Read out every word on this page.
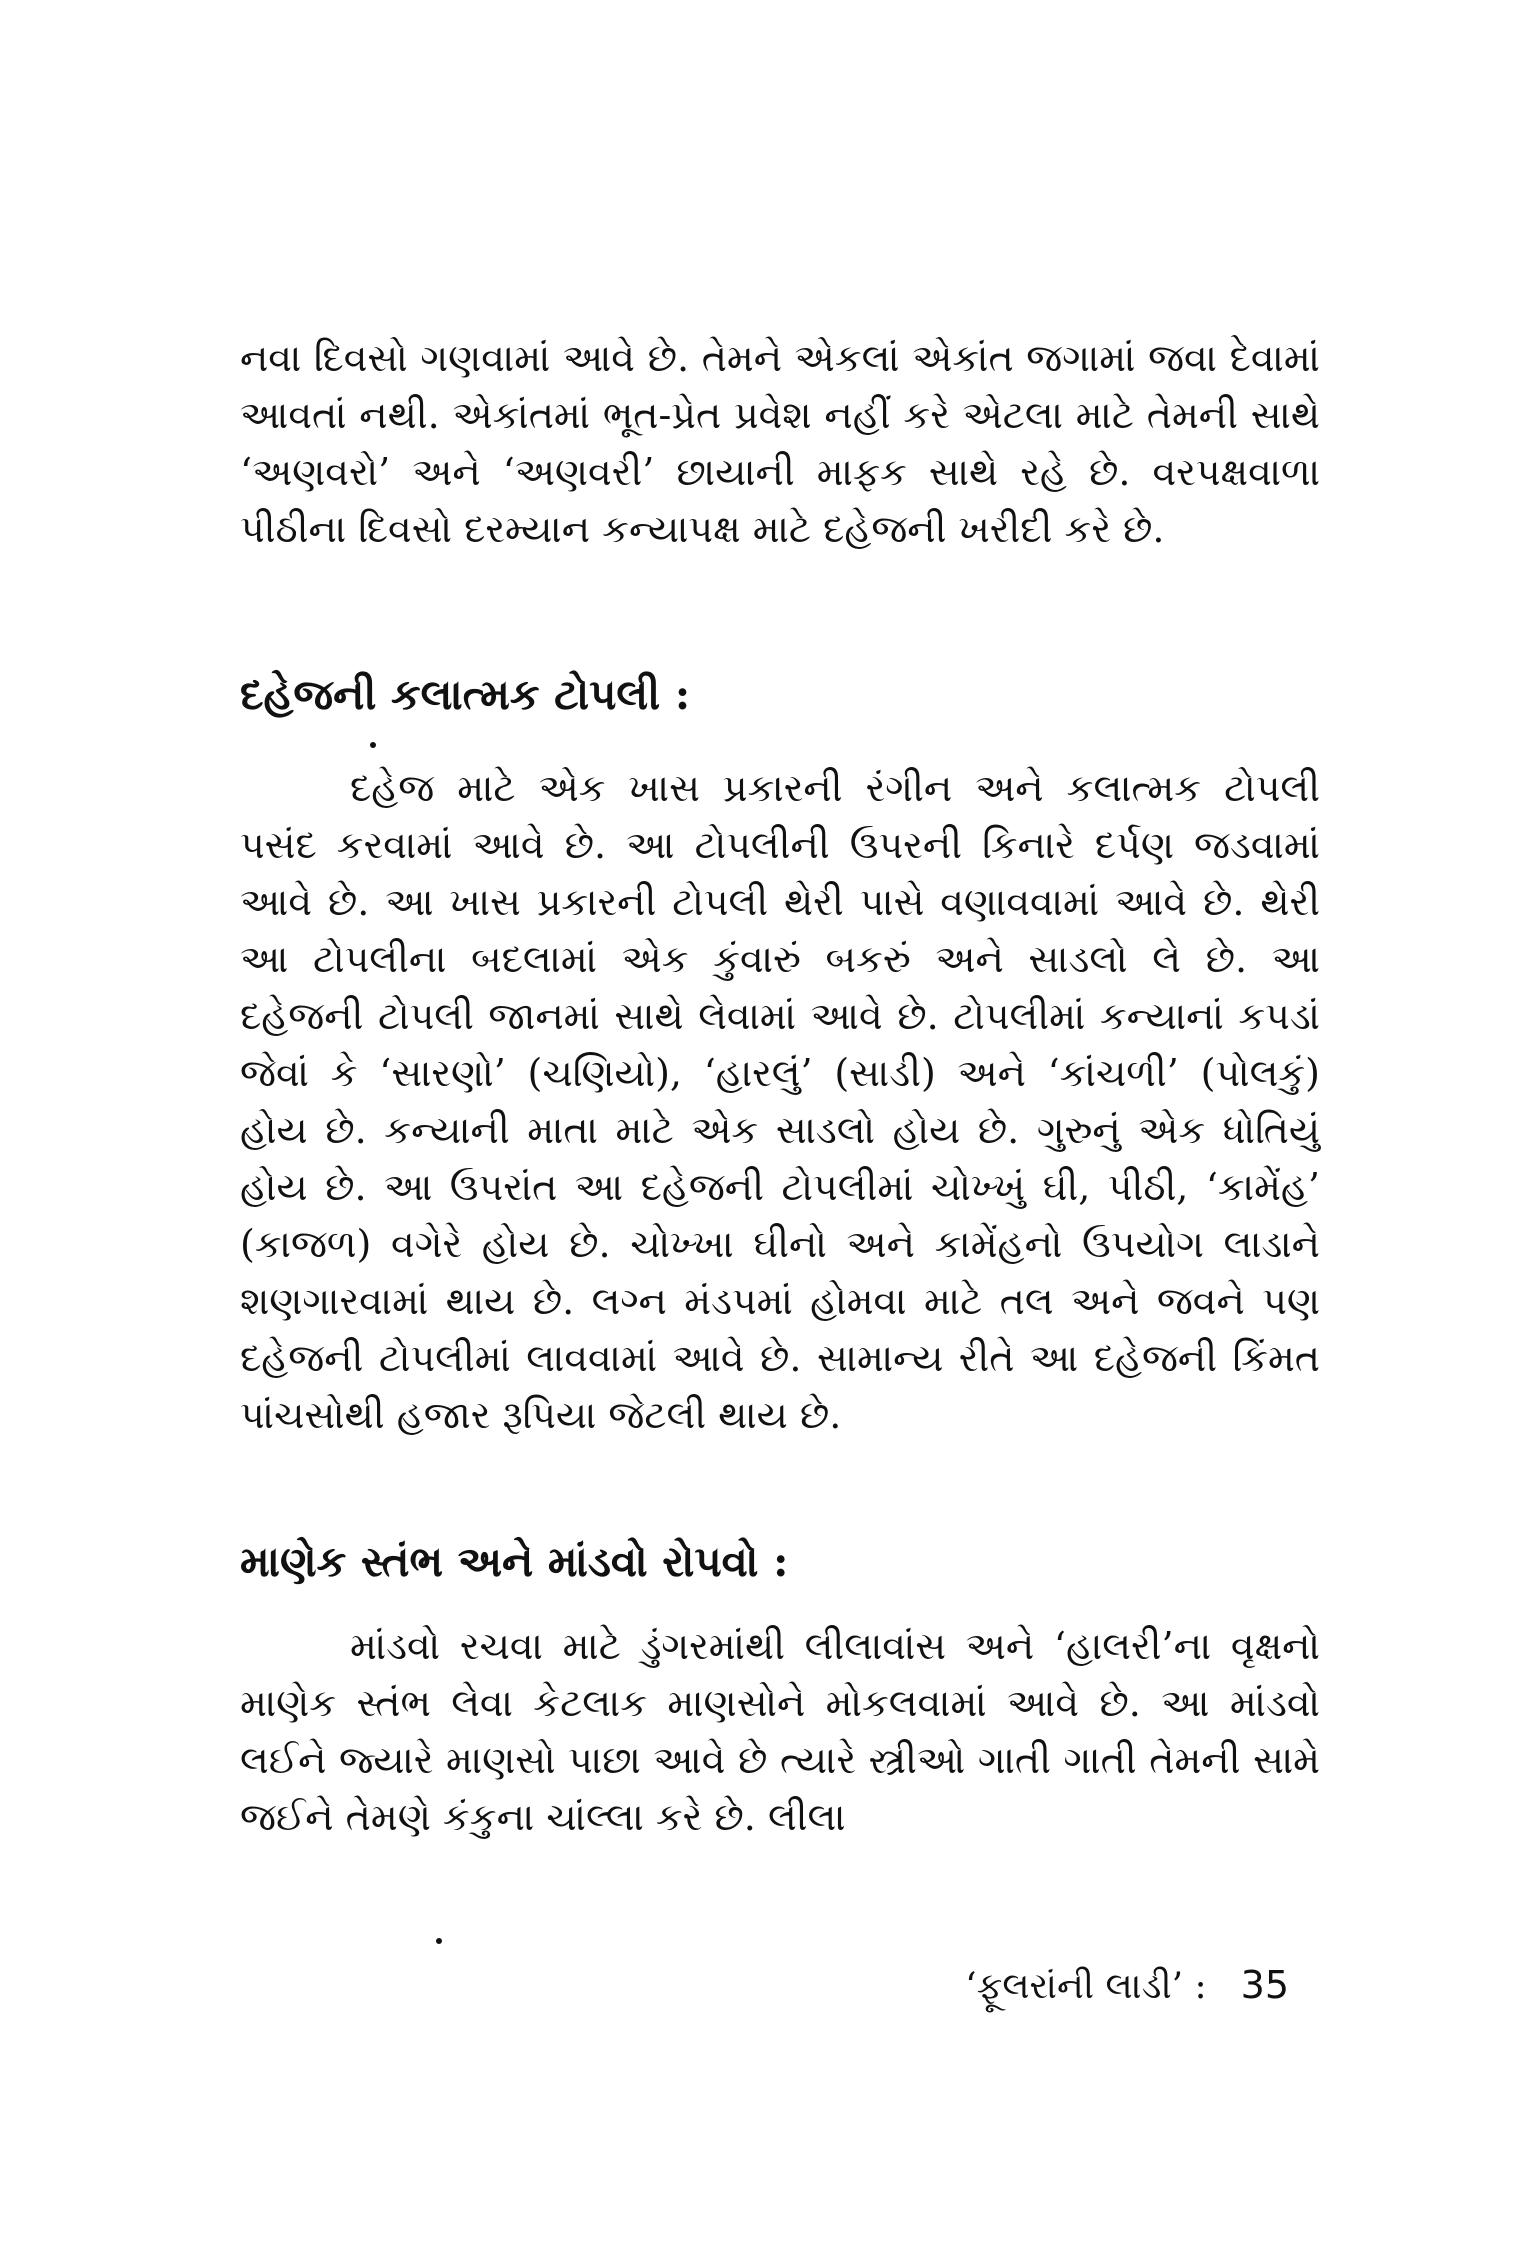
નવા દિવસો ગણવામાં આવે છે. તેમને એકલાં એકાંત જગામાં જવા દેવામાં આવતાં નથી. એકાંતમાં ભૂત-પ્રેત પ્રવેશ નહીં કરે એટલા માટે તેમની સાથે ‘અણવરો’ અને ‘અણવરી’ છાયાની માફક સાથે રહે છે. વરપક્ષવાળા પીઠીના દિવસો દરમ્યાન કન્યાપક્ષ માટે દહેજની ખરીદી કરે છે.

દહેજની કલાત્મક ટોપલી :

દહેજ માટે એક ખાસ પ્રકારની રંગીન અને કલાત્મક ટોપલી પસંદ કરવામાં આવે છે. આ ટોપલીની ઉપરની કિનારે દર્પણ જડવામાં આવે છે. આ ખાસ પ્રકારની ટોપલી થેરી પાસે વણાવવામાં આવે છે. થેરી આ ટોપલીના બદલામાં એક કુંવારું બકરું અને સાડલો લે છે. આ દહેજની ટોપલી જાનમાં સાથે લેવામાં આવે છે. ટોપલીમાં કન્યાનાં કપડાં જેવાં કે ‘સારણો’ (ચણિયો), ‘હારલું’ (સાડી) અને ‘કાંચળી’ (પોલકું) હોય છે. કન્યાની માતા માટે એક સાડલો હોય છે. ગુરુનું એક ધોતિયું હોય છે. આ ઉપરાંત આ દહેજની ટોપલીમાં ચોખ્ખું ઘી, પીઠી, ‘કામેંહ’ (કાજળ) વગેરે હોય છે. ચોખ્ખા ઘીનો અને કામેંહનો ઉપયોગ લાડાને શણગારવામાં થાય છે. લગ્ન મંડપમાં હોમવા માટે તલ અને જવને પણ દહેજની ટોપલીમાં લાવવામાં આવે છે. સામાન્ય રીતે આ દહેજની કિંમત પાંચસોથી હજાર રૂપિયા જેટલી થાય છે.

માણેક સ્તંભ અને માંડવો રોપવો :

માંડવો રચવા માટે ડુંગરમાંથી લીલાવાંસ અને ‘હાલરી’ના વૃક્ષનો માણેક સ્તંભ લેવા કેટલાક માણસોને મોકલવામાં આવે છે. આ માંડવો લઈને જ્યારે માણસો પાછા આવે છે ત્યારે સ્ત્રીઓ ગાતી ગાતી તેમની સામે જઈને તેમણે કંકુના ચાંલ્લા કરે છે. લીલા

‘ફૂલરાંની લાડી’ : 35
